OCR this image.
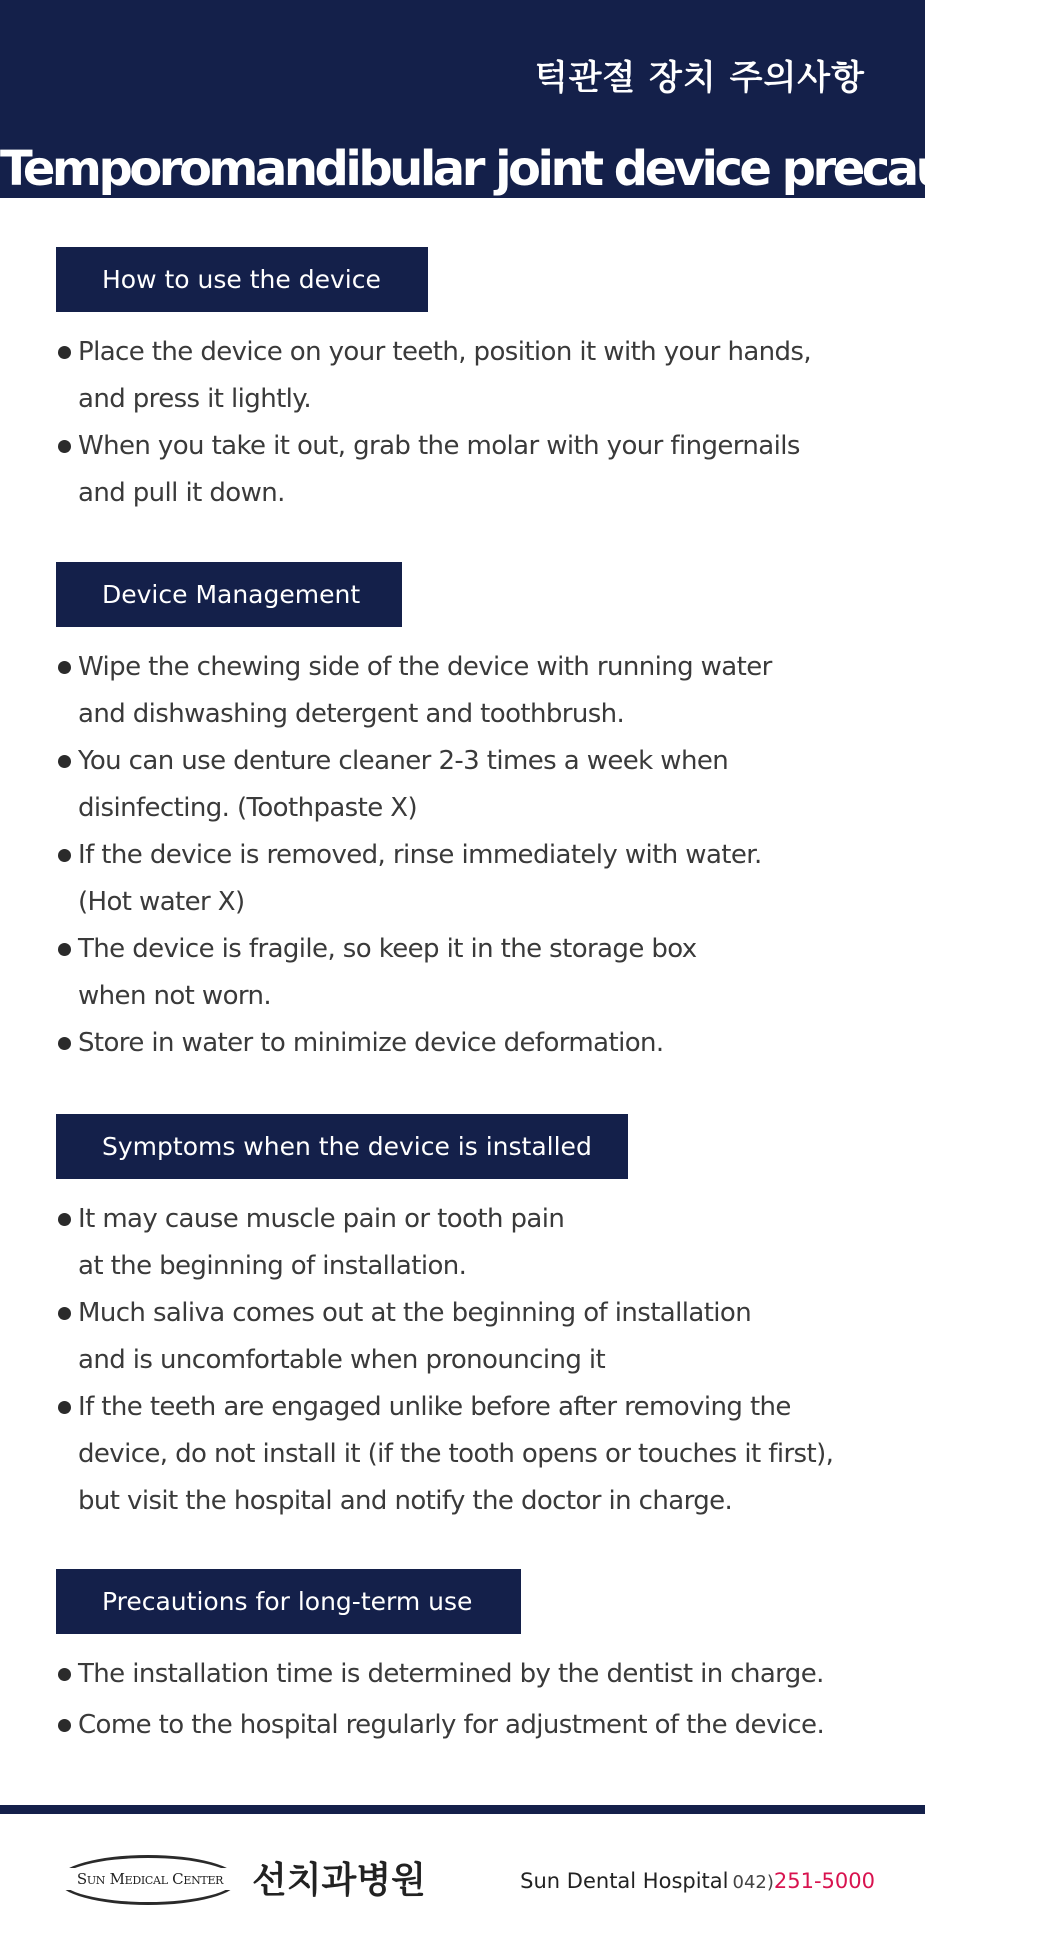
턱관절 장치 주의사항
Temporomandibular joint device precaution
How to use the device
Place the device on your teeth, position it with your hands,
and press it lightly.
When you take it out, grab the molar with your fingernails
and pull it down.
Device Management
Wipe the chewing side of the device with running water
and dishwashing detergent and toothbrush.
You can use denture cleaner 2-3 times a week when
disinfecting. (Toothpaste X)
If the device is removed, rinse immediately with water.
(Hot water X)
The device is fragile, so keep it in the storage box
when not worn.
Store in water to minimize device deformation.
Symptoms when the device is installed
It may cause muscle pain or tooth pain
at the beginning of installation.
Much saliva comes out at the beginning of installation
and is uncomfortable when pronouncing it
If the teeth are engaged unlike before after removing the
device, do not install it (if the tooth opens or touches it first),
but visit the hospital and notify the doctor in charge.
Precautions for long-term use
The installation time is determined by the dentist in charge.
Come to the hospital regularly for adjustment of the device.
Sun Medical Center 선치과병원	Sun Dental Hospital 042)251-5000
